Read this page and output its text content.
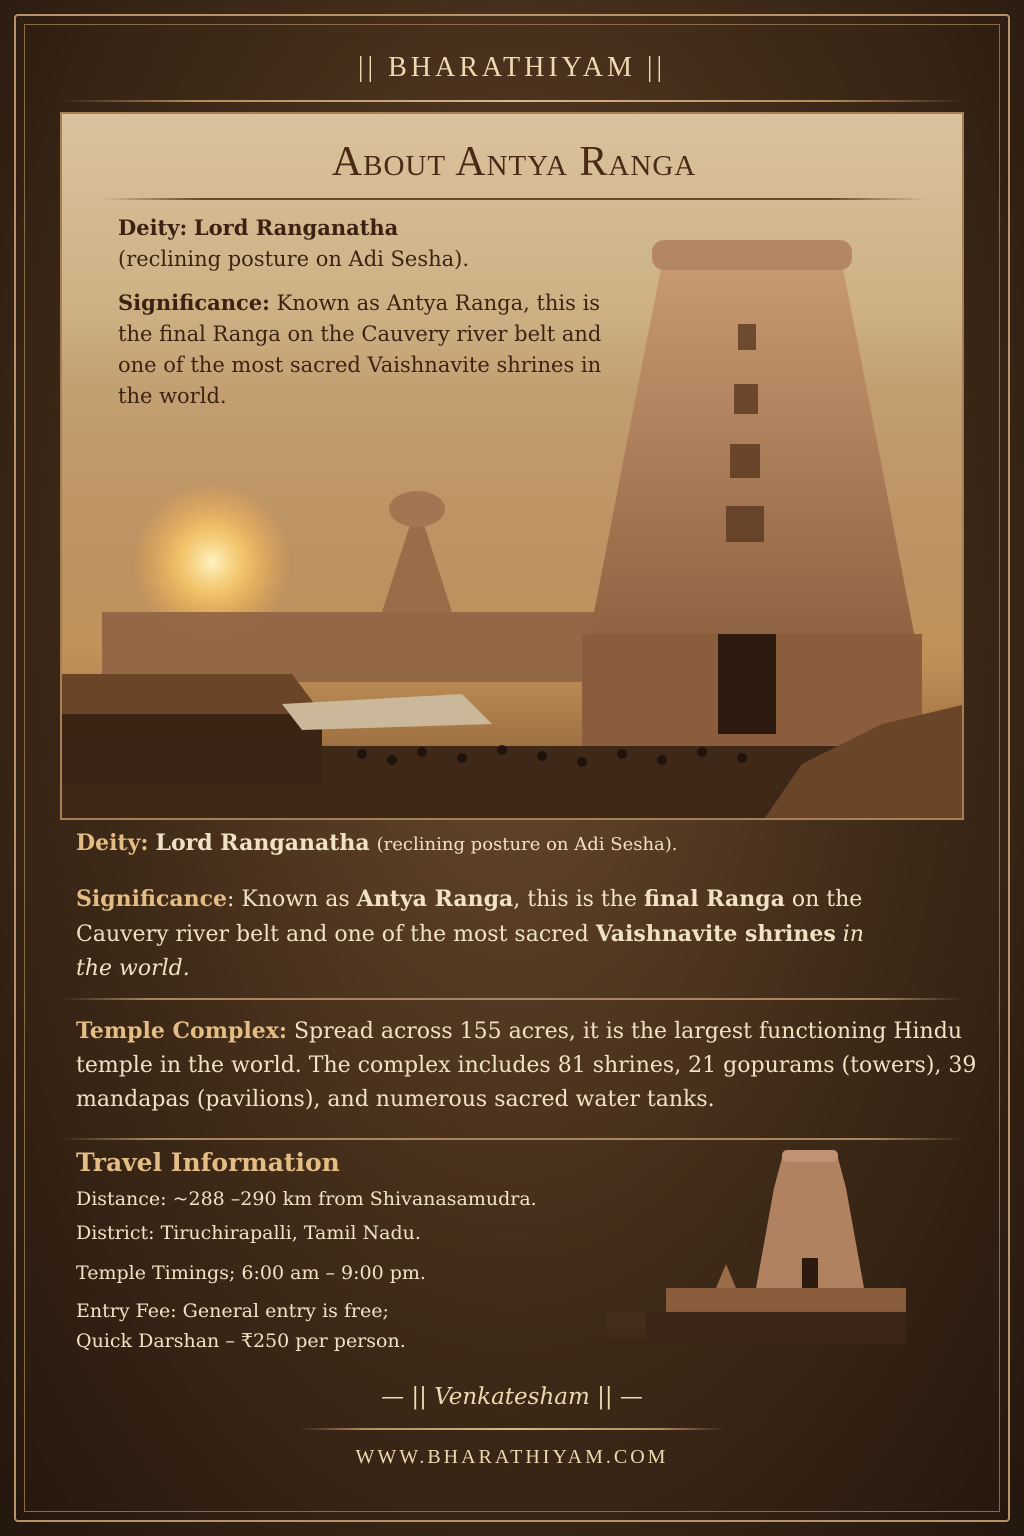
|| BHARATHIYAM ||
About Antya Ranga

Deity: Lord Ranganatha
(reclining posture on Adi Sesha).

Significance: Known as Antya Ranga, this is the final Ranga on the Cauvery river belt and one of the most sacred Vaishnavite shrines in the world.

Deity: Lord Ranganatha (reclining posture on Adi Sesha).
Significance: Known as Antya Ranga, this is the final Ranga on the Cauvery river belt and one of the most sacred Vaishnavite shrines in the world.
Temple Complex: Spread across 155 acres, it is the largest functioning Hindu temple in the world. The complex includes 81 shrines, 21 gopurams (towers), 39 mandapas (pavilions), and numerous sacred water tanks.
Travel Information
Distance: ~288 –290 km from Shivanasamudra.
District: Tiruchirapalli, Tamil Nadu.
Temple Timings; 6:00 am – 9:00 pm.
Entry Fee: General entry is free;
Quick Darshan – ₹250 per person.
— || Venkatesham || —
WWW.BHARATHIYAM.COM
